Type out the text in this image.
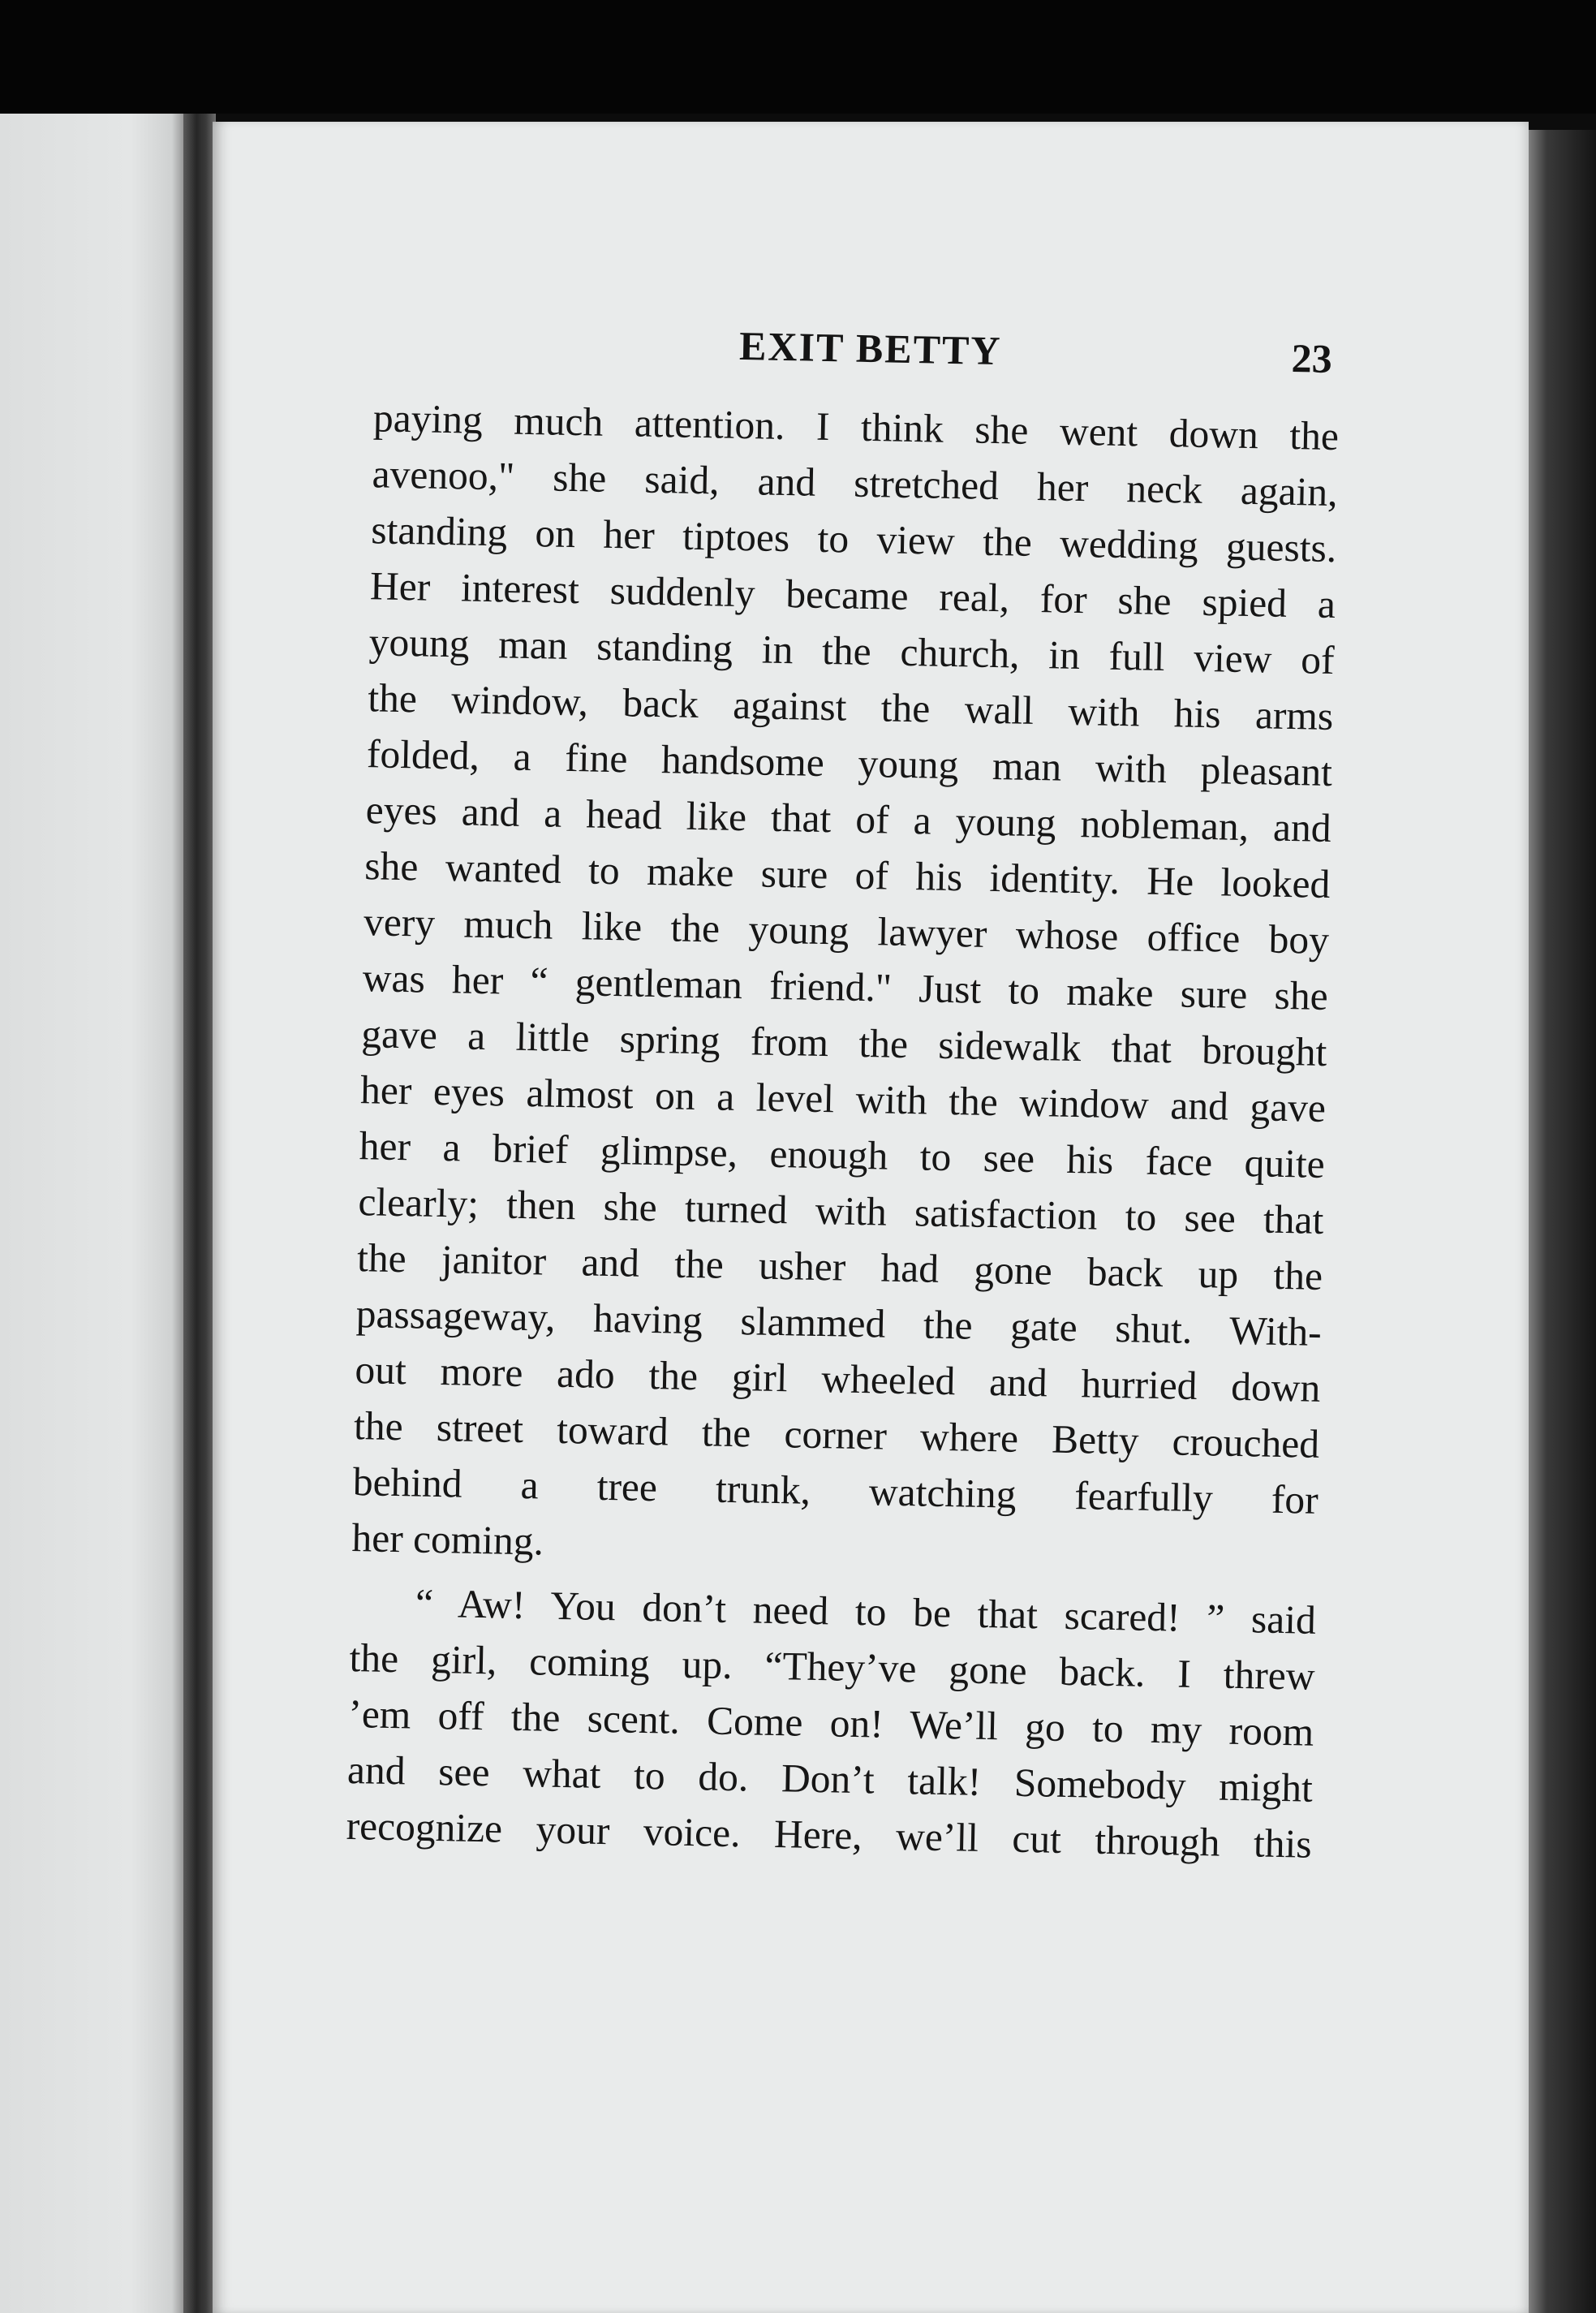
EXIT BETTY	23
paying much attention. I think she went down the
avenoo," she said, and stretched her neck again,
standing on her tiptoes to view the wedding guests.
Her interest suddenly became real, for she spied a
young man standing in the church, in full view of
the window, back against the wall with his arms
folded, a fine handsome young man with pleasant
eyes and a head like that of a young nobleman, and
she wanted to make sure of his identity. He looked
very much like the young lawyer whose office boy
was her “ gentleman friend." Just to make sure she
gave a little spring from the sidewalk that brought
her eyes almost on a level with the window and gave
her a brief glimpse, enough to see his face quite
clearly; then she turned with satisfaction to see that
the janitor and the usher had gone back up the
passageway, having slammed the gate shut. With-
out more ado the girl wheeled and hurried down
the street toward the corner where Betty crouched
behind a tree trunk, watching fearfully for
her coming.
“ Aw! You don’t need to be that scared! ” said
the girl, coming up. “They’ve gone back. I threw
’em off the scent. Come on! We’ll go to my room
and see what to do. Don’t talk! Somebody might
recognize your voice. Here, we’ll cut through this
